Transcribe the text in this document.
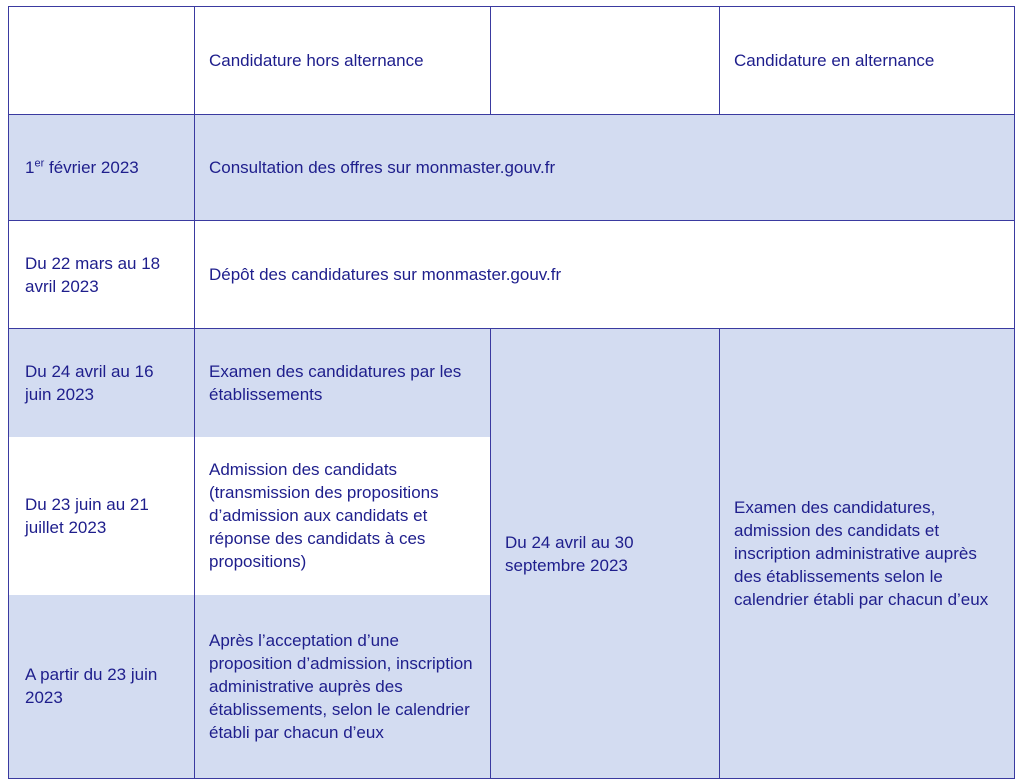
	Candidature hors alternance		Candidature en alternance
1er février 2023	Consultation des offres sur monmaster.gouv.fr		
Du 22 mars au 18 avril 2023	Dépôt des candidatures sur monmaster.gouv.fr		
Du 24 avril au 16 juin 2023	Examen des candidatures par les établissements	Du 24 avril au 30 septembre 2023	Examen des candidatures, admission des candidats et inscription administrative auprès des établissements selon le calendrier établi par chacun d’eux
Du 23 juin au 21 juillet 2023	Admission des candidats (transmission des propositions d’admission aux candidats et réponse des candidats à ces propositions)		
A partir du 23 juin 2023	Après l’acceptation d’une proposition d’admission, inscription administrative auprès des établissements, selon le calendrier établi par chacun d’eux		
